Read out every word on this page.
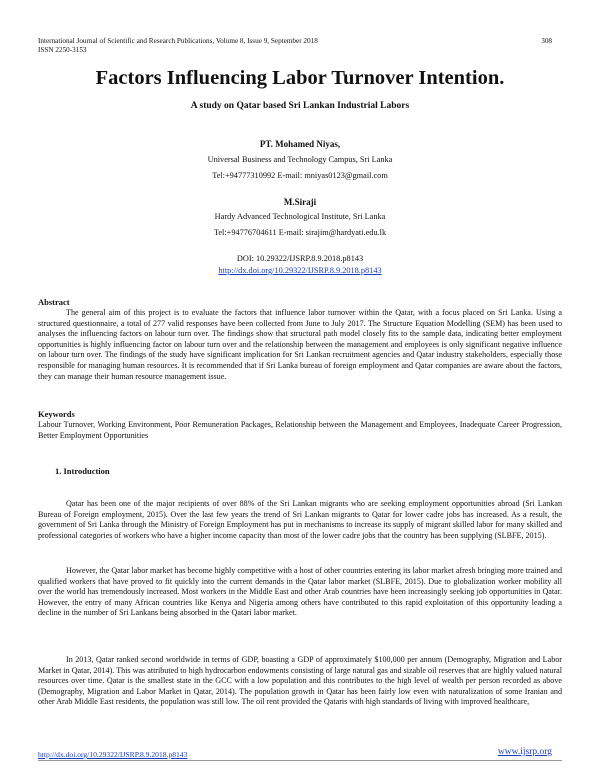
International Journal of Scientific and Research Publications, Volume 8, Issue 9, September 2018
ISSN 2250-3153
308
Factors Influencing Labor Turnover Intention.
A study on Qatar based Sri Lankan Industrial Labors
PT. Mohamed Niyas,
Universal Business and Technology Campus, Sri Lanka
Tel:+94777310992 E-mail: mniyas0123@gmail.com
M.Siraji
Hardy Advanced Technological Institute, Sri Lanka
Tel:+94776704611 E-mail: sirajim@hardyati.edu.lk
DOI: 10.29322/IJSRP.8.9.2018.p8143
http://dx.doi.org/10.29322/IJSRP.8.9.2018.p8143
Abstract

The general aim of this project is to evaluate the factors that influence labor turnover within the Qatar, with a focus placed on Sri Lanka. Using a structured questionnaire, a total of 277 valid responses have been collected from June to July 2017. The Structure Equation Modelling (SEM) has been used to analyses the influencing factors on labour turn over. The findings show that structural path model closely fits to the sample data, indicating better employment opportunities is highly influencing factor on labour turn over and the relationship between the management and employees is only significant negative influence on labour turn over. The findings of the study have significant implication for Sri Lankan recruitment agencies and Qatar industry stakeholders, especially those responsible for managing human resources. It is recommended that if Sri Lanka bureau of foreign employment and Qatar companies are aware about the factors, they can manage their human resource management issue.

Keywords

Labour Turnover, Working Environment, Poor Remuneration Packages, Relationship between the Management and Employees, Inadequate Career Progression, Better Employment Opportunities

1. Introduction

Qatar has been one of the major recipients of over 88% of the Sri Lankan migrants who are seeking employment opportunities abroad (Sri Lankan Bureau of Foreign employment, 2015). Over the last few years the trend of Sri Lankan migrants to Qatar for lower cadre jobs has increased. As a result, the government of Sri Lanka through the Ministry of Foreign Employment has put in mechanisms to increase its supply of migrant skilled labor for many skilled and professional categories of workers who have a higher income capacity than most of the lower cadre jobs that the country has been supplying (SLBFE, 2015).

However, the Qatar labor market has become highly competitive with a host of other countries entering its labor market afresh bringing more trained and qualified workers that have proved to fit quickly into the current demands in the Qatar labor market (SLBFE, 2015). Due to globalization worker mobility all over the world has tremendously increased. Most workers in the Middle East and other Arab countries have been increasingly seeking job opportunities in Qatar. However, the entry of many African countries like Kenya and Nigeria among others have contributed to this rapid exploitation of this opportunity leading a decline in the number of Sri Lankans being absorbed in the Qatari labor market.

In 2013, Qatar ranked second worldwide in terms of GDP, boasting a GDP of approximately $100,000 per annum (Demography, Migration and Labor Market in Qatar, 2014). This was attributed to high hydrocarbon endowments consisting of large natural gas and sizable oil reserves that are highly valued natural resources over time. Qatar is the smallest state in the GCC with a low population and this contributes to the high level of wealth per person recorded as above (Demography, Migration and Labor Market in Qatar, 2014). The population growth in Qatar has been fairly low even with naturalization of some Iranian and other Arab Middle East residents, the population was still low. The oil rent provided the Qataris with high standards of living with improved healthcare,

http://dx.doi.org/10.29322/IJSRP.8.9.2018.p8143	www.ijsrp.org
